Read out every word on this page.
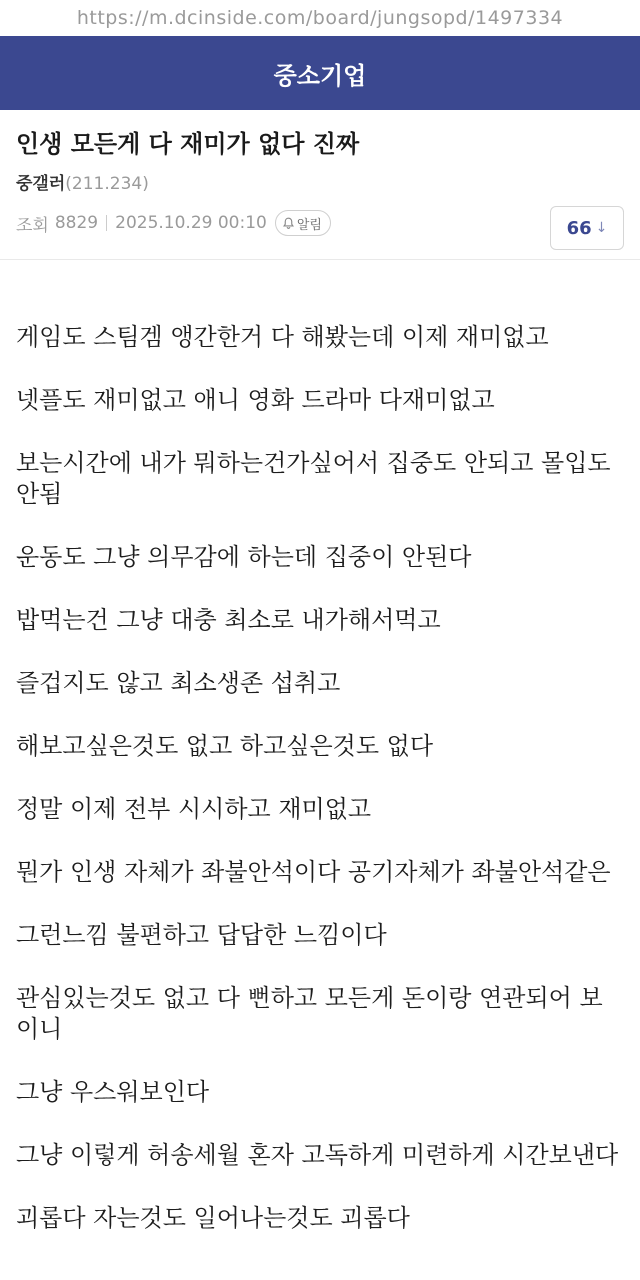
https://m.dcinside.com/board/jungsopd/1497334
중소기업
인생 모든게 다 재미가 없다 진짜
중갤러(211.234)
조회 8829 2025.10.29 00:10 알림	66 ↓

게임도 스팀겜 앵간한거 다 해봤는데 이제 재미없고

넷플도 재미없고 애니 영화 드라마 다재미없고

보는시간에 내가 뭐하는건가싶어서 집중도 안되고 몰입도 안됨

운동도 그냥 의무감에 하는데 집중이 안된다

밥먹는건 그냥 대충 최소로 내가해서먹고

즐겁지도 않고 최소생존 섭취고

해보고싶은것도 없고 하고싶은것도 없다

정말 이제 전부 시시하고 재미없고

뭔가 인생 자체가 좌불안석이다 공기자체가 좌불안석같은

그런느낌 불편하고 답답한 느낌이다

관심있는것도 없고 다 뻔하고 모든게 돈이랑 연관되어 보이니

그냥 우스워보인다

그냥 이렇게 허송세월 혼자 고독하게 미련하게 시간보낸다

괴롭다 자는것도 일어나는것도 괴롭다
